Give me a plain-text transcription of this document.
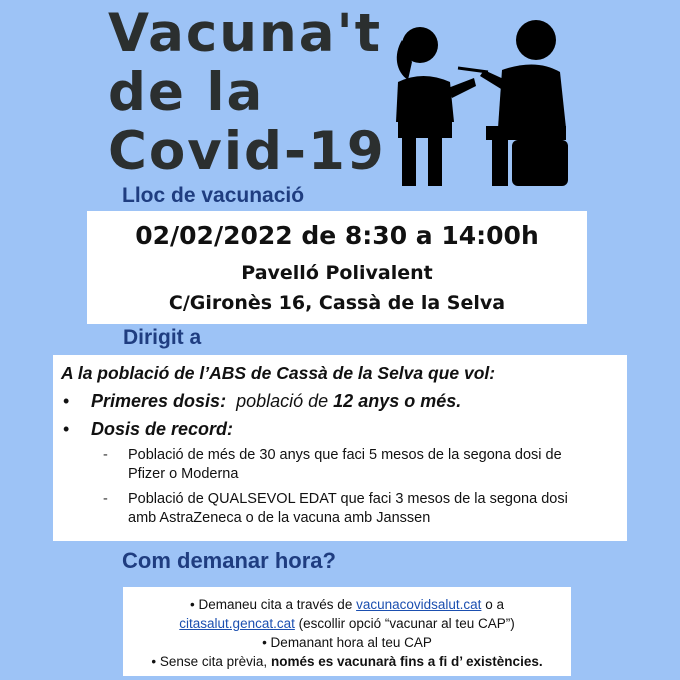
Vacuna't
de la
Covid-19
Lloc de vacunació
02/02/2022 de 8:30 a 14:00h
Pavelló Polivalent
C/Gironès 16, Cassà de la Selva
Dirigit a
A la població de l’ABS de Cassà de la Selva que vol:
•	Primeres dosis: població de 12 anys o més.
•	Dosis de record:
-	Població de més de 30 anys que faci 5 mesos de la segona dosi de Pfizer o Moderna
-	Població de QUALSEVOL EDAT que faci 3 mesos de la segona dosi amb AstraZeneca o de la vacuna amb Janssen
Com demanar hora?
• Demaneu cita a través de vacunacovidsalut.cat o a
citasalut.gencat.cat (escollir opció “vacunar al teu CAP”)
• Demanant hora al teu CAP
• Sense cita prèvia, només es vacunarà fins a fi d’ existències.
